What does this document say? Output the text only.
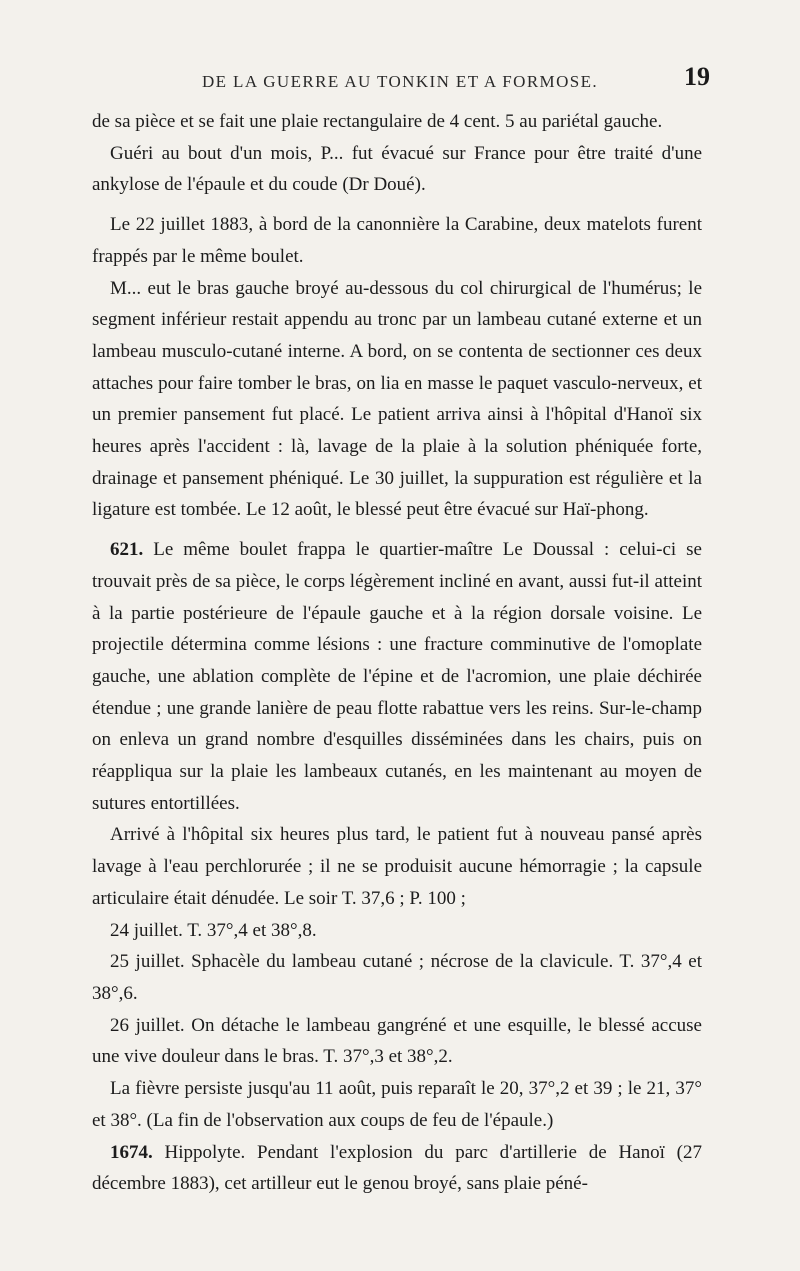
DE LA GUERRE AU TONKIN ET A FORMOSE.	19

de sa pièce et se fait une plaie rectangulaire de 4 cent. 5 au pariétal gauche.

Guéri au bout d'un mois, P... fut évacué sur France pour être traité d'une ankylose de l'épaule et du coude (Dr Doué).

Le 22 juillet 1883, à bord de la canonnière la Carabine, deux matelots furent frappés par le même boulet.

M... eut le bras gauche broyé au-dessous du col chirurgical de l'humérus; le segment inférieur restait appendu au tronc par un lambeau cutané externe et un lambeau musculo-cutané interne. A bord, on se contenta de sectionner ces deux attaches pour faire tomber le bras, on lia en masse le paquet vasculo-nerveux, et un premier pansement fut placé. Le patient arriva ainsi à l'hôpital d'Hanoï six heures après l'accident : là, lavage de la plaie à la solution phéniquée forte, drainage et pansement phéniqué. Le 30 juillet, la suppuration est régulière et la ligature est tombée. Le 12 août, le blessé peut être évacué sur Haï-phong.

621. Le même boulet frappa le quartier-maître Le Doussal : celui-ci se trouvait près de sa pièce, le corps légèrement incliné en avant, aussi fut-il atteint à la partie postérieure de l'épaule gauche et à la région dorsale voisine. Le projectile détermina comme lésions : une fracture comminutive de l'omoplate gauche, une ablation complète de l'épine et de l'acromion, une plaie déchirée étendue ; une grande lanière de peau flotte rabattue vers les reins. Sur-le-champ on enleva un grand nombre d'esquilles disséminées dans les chairs, puis on réappliqua sur la plaie les lambeaux cutanés, en les maintenant au moyen de sutures entortillées.

Arrivé à l'hôpital six heures plus tard, le patient fut à nouveau pansé après lavage à l'eau perchlorurée ; il ne se produisit aucune hémorragie ; la capsule articulaire était dénudée. Le soir T. 37,6 ; P. 100 ;

24 juillet. T. 37°,4 et 38°,8.

25 juillet. Sphacèle du lambeau cutané ; nécrose de la clavicule. T. 37°,4 et 38°,6.

26 juillet. On détache le lambeau gangréné et une esquille, le blessé accuse une vive douleur dans le bras. T. 37°,3 et 38°,2.

La fièvre persiste jusqu'au 11 août, puis reparaît le 20, 37°,2 et 39 ; le 21, 37° et 38°. (La fin de l'observation aux coups de feu de l'épaule.)

1674. Hippolyte. Pendant l'explosion du parc d'artillerie de Hanoï (27 décembre 1883), cet artilleur eut le genou broyé, sans plaie péné-
